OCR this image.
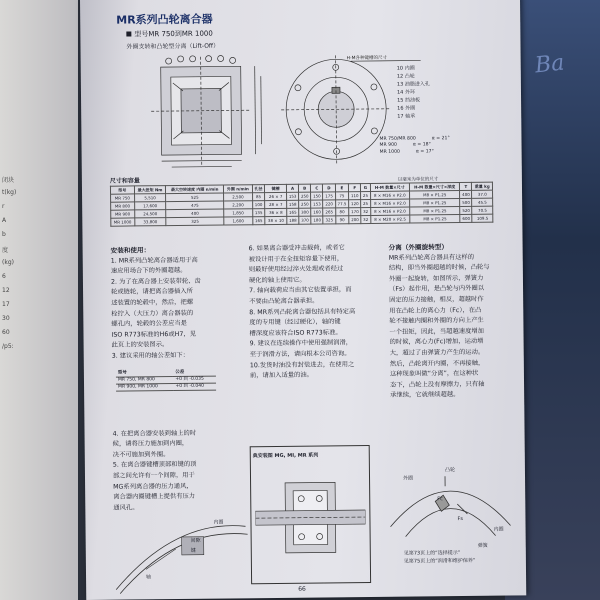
闭块
t(kg)
r
A
b
度
(kg)
6
12
17
30
60
/p5:
Ba
MR系列凸轮离合器
型号MR 750到MR 1000
外圈支转和凸轮型分离（Lift-Off）
H-M各种键槽的尺寸
10 内圈
12 凸轮
13 油脂进入孔
14 外环
15 挡油板
16 外圈
17 轴承
MR 750/MR 800	α = 21°
MR 900	α = 18°
MR 1000	α = 17°
尺寸和容量	以毫米为单位的尺寸
型号	最大扭矩 Nm	最大空转速度 内圈 n/min	外圈 n/min	孔径	键槽	A	B	C	D	E	F	G	H-M 数量×尺寸	H-M 数量×尺寸×深度	T	重量 kg
MR 750	5,510	525	2,500	85	26 × 7	153	250	150	175	75	110	25	8 × M16 × P2.0	M8 × P1.25	400	37.0
MR 800	17,600	475	2,200	100	28 × 7	158	250	153	220	77.5	120	25	8 × M16 × P2.0	M8 × P1.25	500	45.5
MR 900	24,500	400	1,850	135	36 × 8	165	300	160	265	80	170	32	8 × M16 × P2.0	M8 × P1.25	520	70.5
MR 1000	33,800	325	1,600	165	38 × 10	188	370	180	325	90	200	32	8 × M20 × P2.5	M8 × P1.25	600	109.5
安装和使用：
1. MR系列凸轮离合器适用于高
速应用场合下的外圈超越。
2. 为了在离合器上安装带轮、齿
轮或链轮，请把离合器插入所
述装置的轮毂中，然后，把螺
栓拧入（大压力）离合器装的
螺孔内，轮毂的公差应当是
ISO R773标准的H6或H7，见
此页上的安装图示。
3. 建议采用的轴公差如下：
型号	公差
MR 750, MR 800	+0 到 -0.035
MR 900, MR 1000	+0 到 -0.040
4. 在把离合器安装到轴上的时
候，请将压力施加到内圈，
决不可施加到外圈。
5. 在离合器键槽顶部和键的顶
部之间允许有一个间隙，用于
MG系列离合器的压力通风，
离合器内圈键槽上提供有压力
通风孔。
6. 如果离合器受冲击载荷，或者它
被设计用于在全扭矩容量下使用，
则最好使用经过淬火处理或者经过
硬化的轴上使用它。
7. 轴向载荷应当由其它装置承担，而
不要由凸轮离合器承担。
8. MR系列凸轮离合器包括具有特定高
度的专用键（经过硬化），轴的键
槽深度应该符合ISO R773标准。
9. 建议在连续操作中使用强制润滑，
至于润滑方法，请向根本公司咨询。
10.发货时油没有封装进去，在使用之
前，请加入适量的油。
分离（外圈旋转型）
MR系列凸轮离合器具有这样的
结构，即当外圈超越的时候，凸轮与
外圈一起旋转，如图所示，弹簧力
（Fs）起作用，是凸轮与内外圈以
固定的压力接触，相反，超越时作
用在凸轮上的离心力（Fc），在凸
轮不接触内圈和外圈的方向上产生
一个扭矩，因此，当超越速度增加
的时候，离心力(Fc)增加，运动增
大，超过了由弹簧力产生的运动。
然后，凸轮离开内圈，不再接触，
这种现象叫做“分离”，在这种状
态下，凸轮上没有摩擦力，只有轴
承继续，它就继续超越。
内圈
间隙
键
轴
典安装图 MG, MI, MR 系列
凸轮
外圈
内圈
弹簧
Fc
Fs
见第73页上的“选择提示”
见第75页上的“润滑和维护保养”
66
